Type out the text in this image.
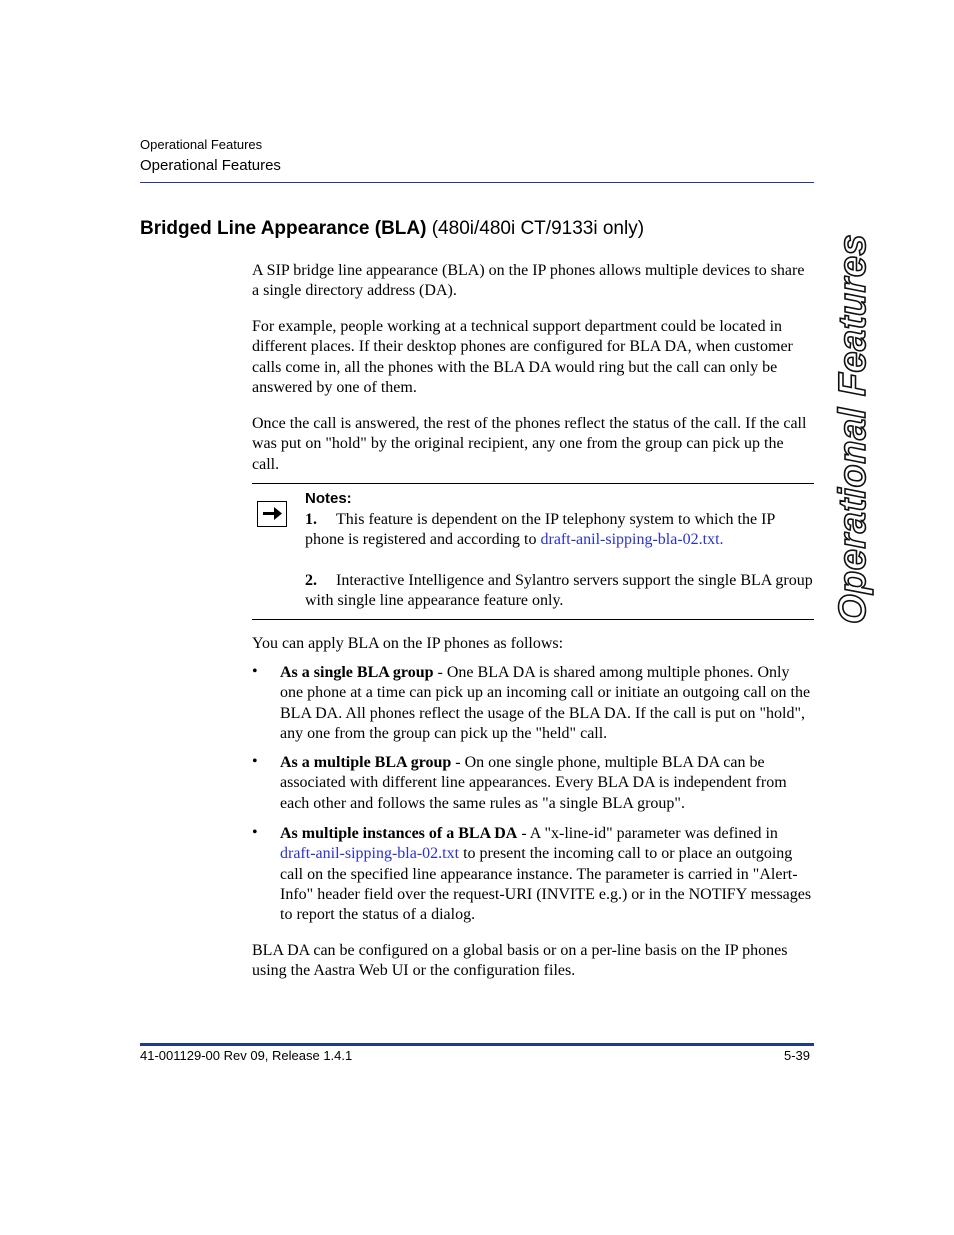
Operational Features
Operational Features
Operational Features
Bridged Line Appearance (BLA) (480i/480i CT/9133i only)
A SIP bridge line appearance (BLA) on the IP phones allows multiple devices to share a single directory address (DA).
For example, people working at a technical support department could be located in different places. If their desktop phones are configured for BLA DA, when customer calls come in, all the phones with the BLA DA would ring but the call can only be answered by one of them.
Once the call is answered, the rest of the phones reflect the status of the call. If the call was put on "hold" by the original recipient, any one from the group can pick up the call.
Notes:
1. This feature is dependent on the IP telephony system to which the IP phone is registered and according to draft-anil-sipping-bla-02.txt.
2. Interactive Intelligence and Sylantro servers support the single BLA group with single line appearance feature only.
You can apply BLA on the IP phones as follows:
• As a single BLA group - One BLA DA is shared among multiple phones. Only one phone at a time can pick up an incoming call or initiate an outgoing call on the BLA DA. All phones reflect the usage of the BLA DA. If the call is put on "hold", any one from the group can pick up the "held" call.
• As a multiple BLA group - On one single phone, multiple BLA DA can be associated with different line appearances. Every BLA DA is independent from each other and follows the same rules as "a single BLA group".
• As multiple instances of a BLA DA - A "x-line-id" parameter was defined in draft-anil-sipping-bla-02.txt to present the incoming call to or place an outgoing call on the specified line appearance instance. The parameter is carried in "Alert-Info" header field over the request-URI (INVITE e.g.) or in the NOTIFY messages to report the status of a dialog.
BLA DA can be configured on a global basis or on a per-line basis on the IP phones using the Aastra Web UI or the configuration files.
41-001129-00 Rev 09, Release 1.4.1	5-39
